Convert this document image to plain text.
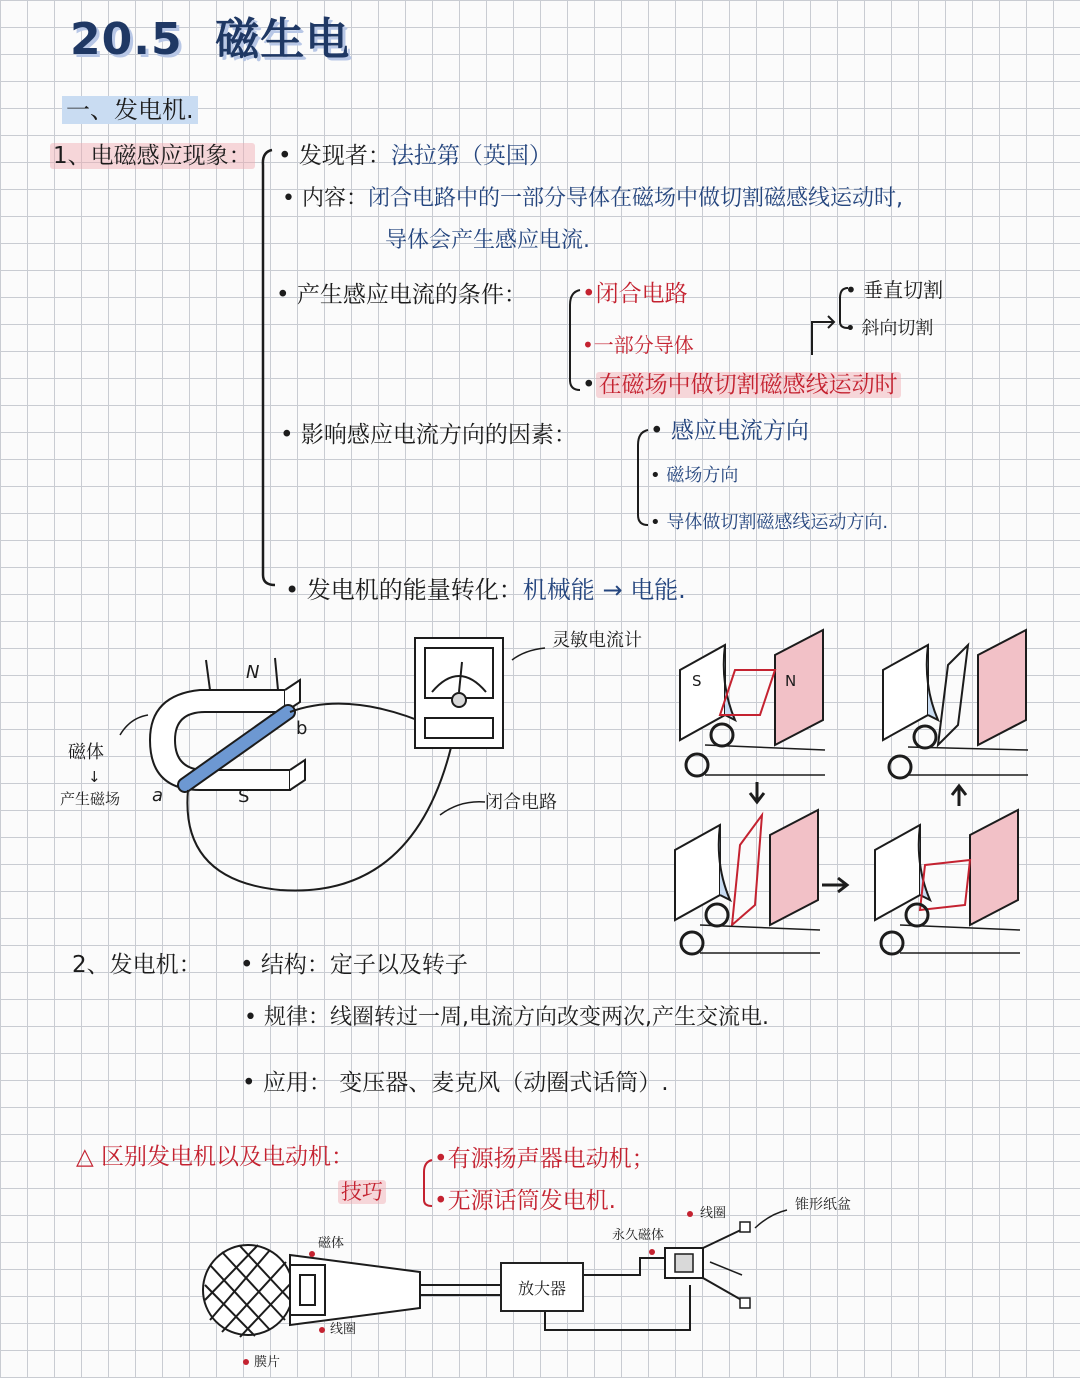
20.5 磁生电
一、发电机.
1、电磁感应现象： • 发现者：法拉第（英国）
• 内容：闭合电路中的一部分导体在磁场中做切割磁感线运动时,
导体会产生感应电流.
• 产生感应电流的条件： •闭合电路
•一部分导体
• 在磁场中做切割磁感线运动时
• 垂直切割
• 斜向切割
• 影响感应电流方向的因素：	• 感应电流方向
• 磁场方向
• 导体做切割磁感线运动方向.
• 发电机的能量转化：机械能 → 电能.
灵敏电流计
磁体
↓
产生磁场
N
S
a
b
闭合电路
S	N
2、发电机： • 结构：定子以及转子
• 规律：线圈转过一周,电流方向改变两次,产生交流电.
• 应用： 变压器、麦克风（动圈式话筒）.
△ 区别发电机以及电动机：
技巧
•有源扬声器电动机；
•无源话筒发电机.
放大器
磁体
线圈
膜片
永久磁体
线圈
锥形纸盆
